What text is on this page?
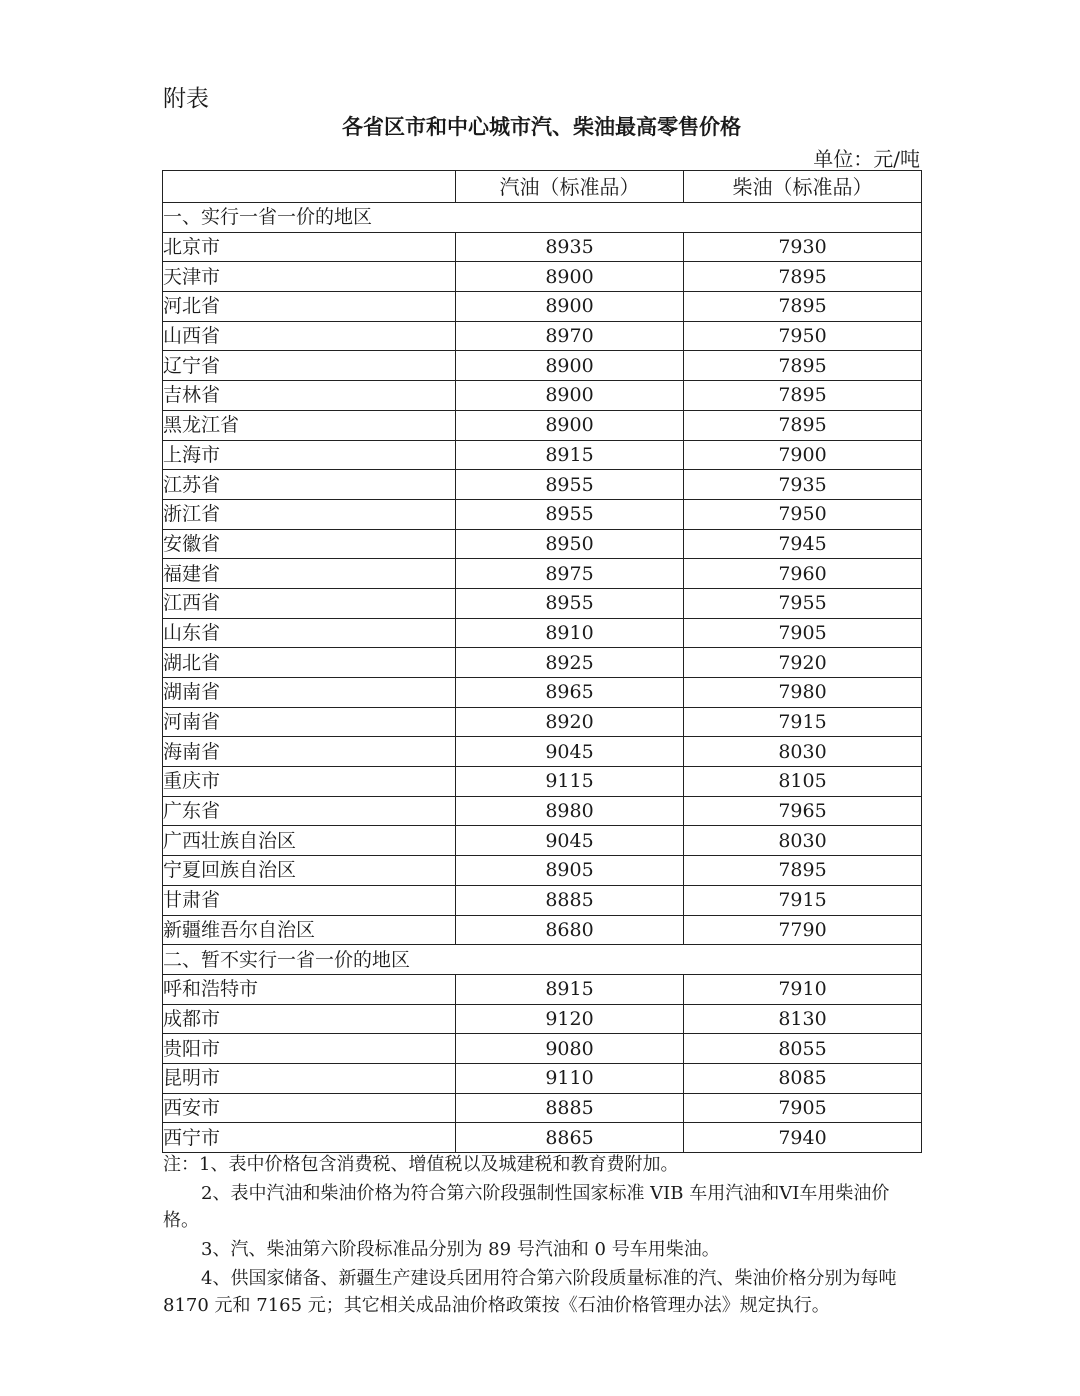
附表
各省区市和中心城市汽、柴油最高零售价格
单位：元/吨
	汽油（标准品）	柴油（标准品）
一、实行一省一价的地区		
北京市	8935	7930
天津市	8900	7895
河北省	8900	7895
山西省	8970	7950
辽宁省	8900	7895
吉林省	8900	7895
黑龙江省	8900	7895
上海市	8915	7900
江苏省	8955	7935
浙江省	8955	7950
安徽省	8950	7945
福建省	8975	7960
江西省	8955	7955
山东省	8910	7905
湖北省	8925	7920
湖南省	8965	7980
河南省	8920	7915
海南省	9045	8030
重庆市	9115	8105
广东省	8980	7965
广西壮族自治区	9045	8030
宁夏回族自治区	8905	7895
甘肃省	8885	7915
新疆维吾尔自治区	8680	7790
二、暂不实行一省一价的地区		
呼和浩特市	8915	7910
成都市	9120	8130
贵阳市	9080	8055
昆明市	9110	8085
西安市	8885	7905
西宁市	8865	7940

注：1、表中价格包含消费税、增值税以及城建税和教育费附加。

2、表中汽油和柴油价格为符合第六阶段强制性国家标准 VIB 车用汽油和VI车用柴油价格。

3、汽、柴油第六阶段标准品分别为 89 号汽油和 0 号车用柴油。

4、供国家储备、新疆生产建设兵团用符合第六阶段质量标准的汽、柴油价格分别为每吨 8170 元和 7165 元；其它相关成品油价格政策按《石油价格管理办法》规定执行。
